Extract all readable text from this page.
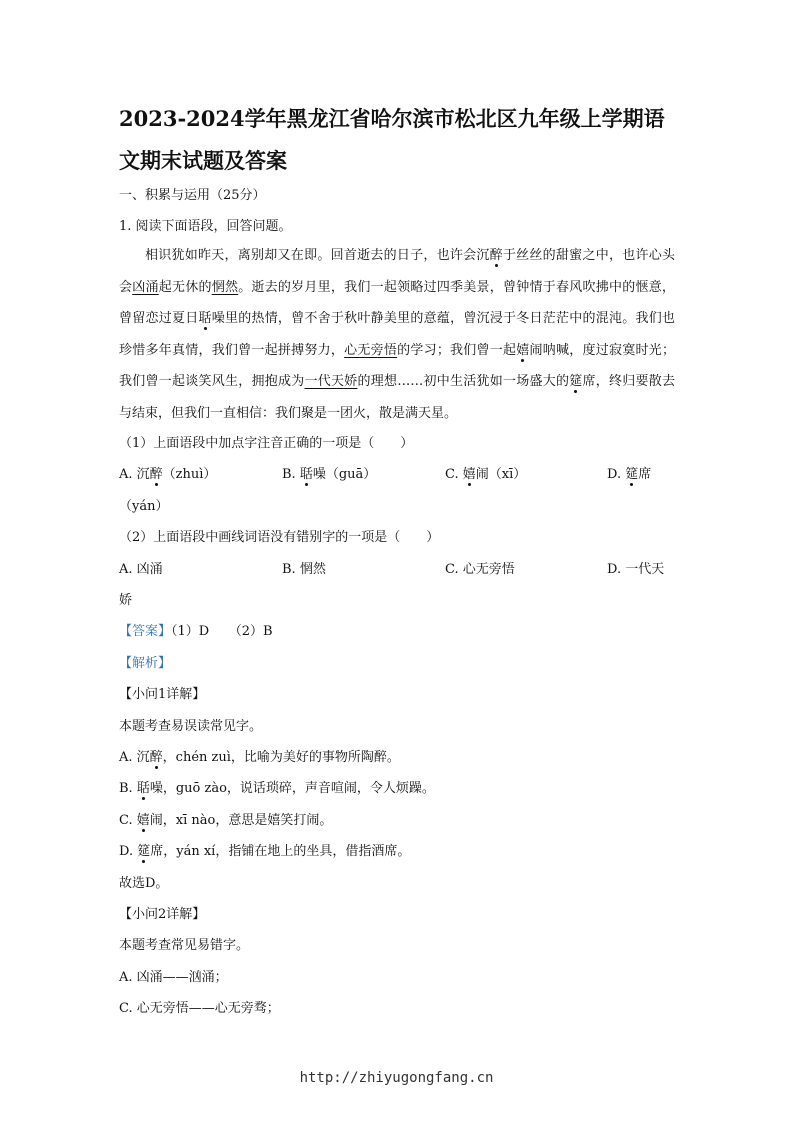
2023-2024学年黑龙江省哈尔滨市松北区九年级上学期语文期末试题及答案
一、积累与运用（25分）
1. 阅读下面语段，回答问题。

相识犹如昨天，离别却又在即。回首逝去的日子，也许会沉醉于丝丝的甜蜜之中，也许心头会凶涌起无休的惘然。逝去的岁月里，我们一起领略过四季美景，曾钟情于春风吹拂中的惬意，曾留恋过夏日聒噪里的热情，曾不舍于秋叶静美里的意蕴，曾沉浸于冬日茫茫中的混沌。我们也珍惜多年真情，我们曾一起拼搏努力，心无旁悟的学习；我们曾一起嬉闹呐喊，度过寂寞时光；我们曾一起谈笑风生，拥抱成为一代天娇的理想……初中生活犹如一场盛大的筵席，终归要散去与结束，但我们一直相信：我们聚是一团火，散是满天星。

（1）上面语段中加点字注音正确的一项是（　　）
A. 沉醉（zhuì）	B. 聒噪（guā）	C. 嬉闹（xī）	D. 筵席
（yán）
（2）上面语段中画线词语没有错别字的一项是（　　）
A. 凶涌	B. 惘然	C. 心无旁悟	D. 一代天
娇
【答案】（1）D　　（2）B
【解析】
【小问1详解】
本题考查易误读常见字。
A. 沉醉，chén zuì，比喻为美好的事物所陶醉。
B. 聒噪，guō zào，说话琐碎，声音喧闹，令人烦躁。
C. 嬉闹，xī nào，意思是嬉笑打闹。
D. 筵席，yán xí，指铺在地上的坐具，借指酒席。
故选D。
【小问2详解】
本题考查常见易错字。
A. 凶涌——汹涌；
C. 心无旁悟——心无旁骛；
http://zhiyugongfang.cn
